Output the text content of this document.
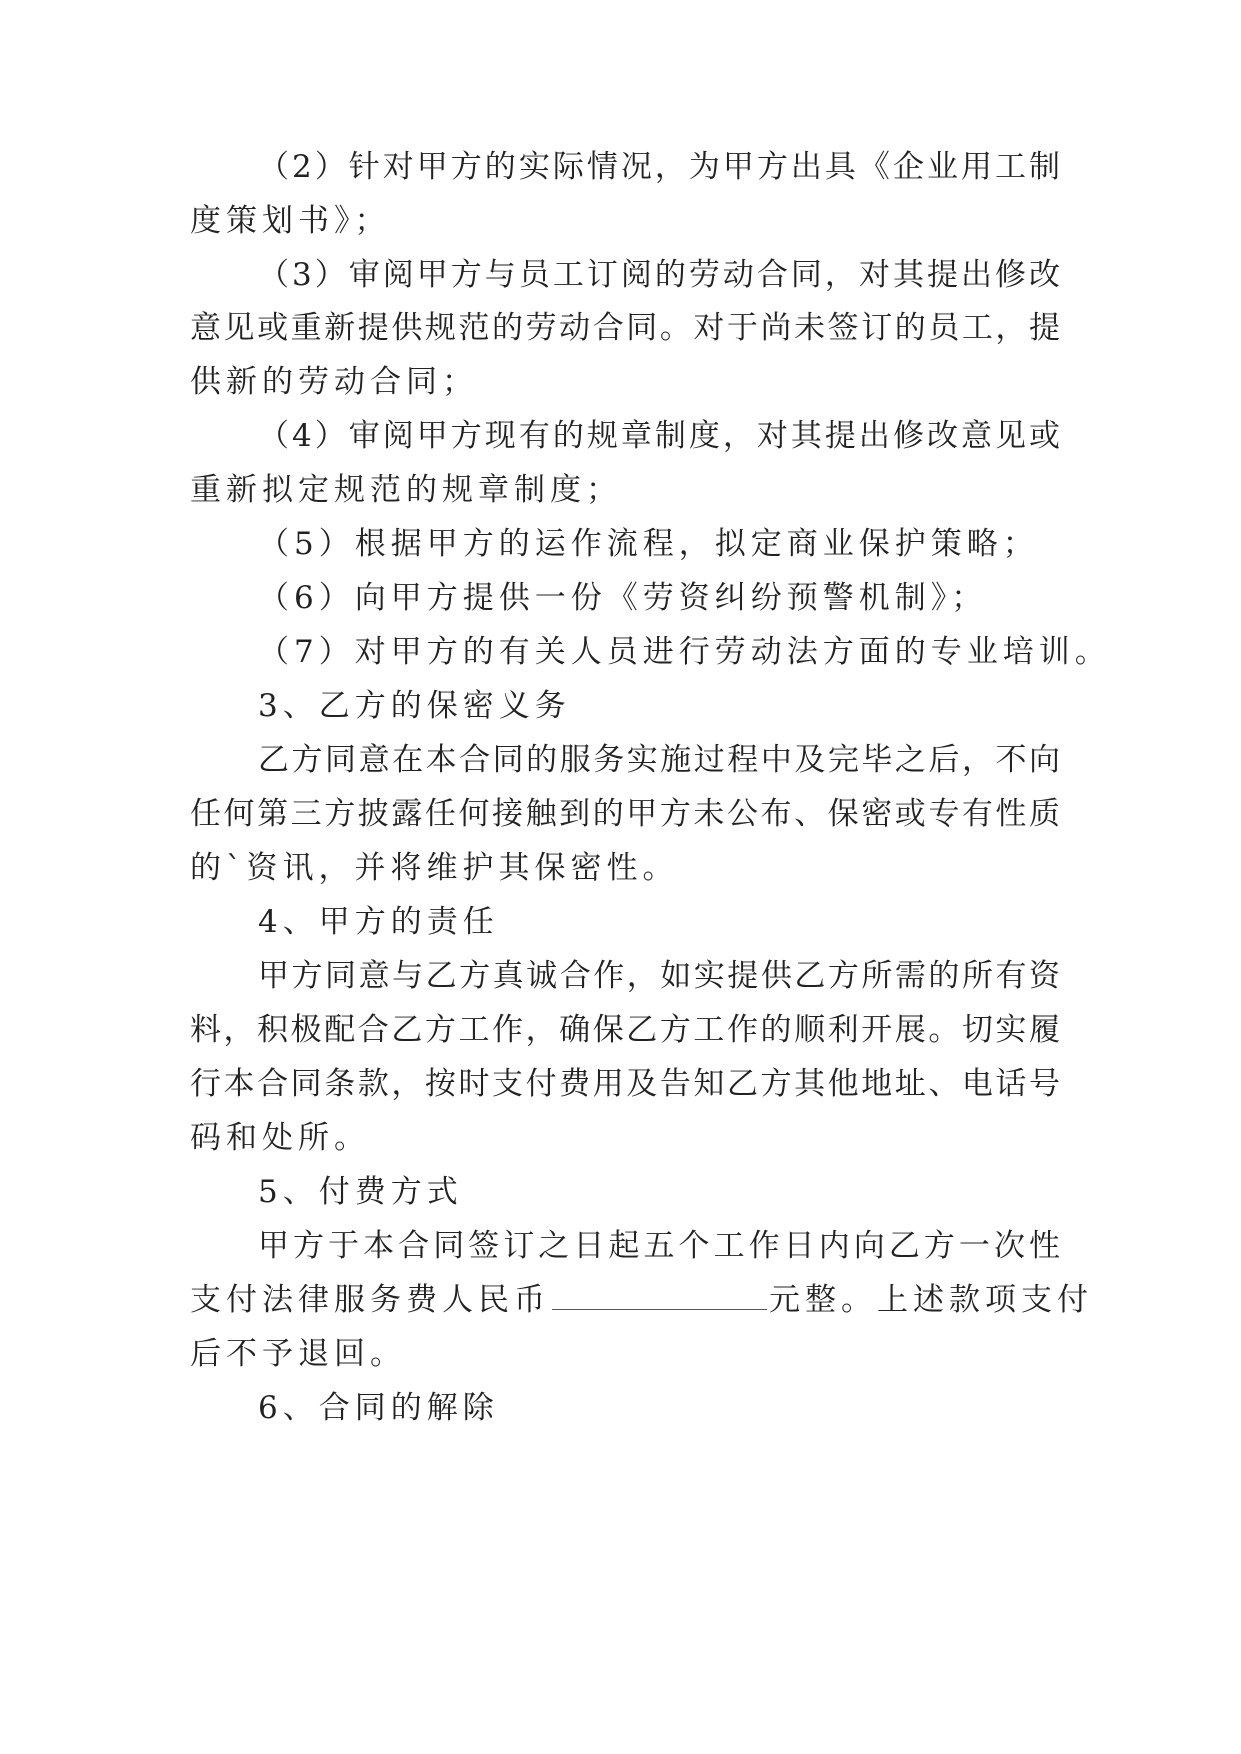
（2）针对甲方的实际情况，为甲方出具《企业用工制
度策划书》；
（3）审阅甲方与员工订阅的劳动合同，对其提出修改
意见或重新提供规范的劳动合同。对于尚未签订的员工，提
供新的劳动合同；
（4）审阅甲方现有的规章制度，对其提出修改意见或
重新拟定规范的规章制度；
（5）根据甲方的运作流程，拟定商业保护策略；
（6）向甲方提供一份《劳资纠纷预警机制》；
（7）对甲方的有关人员进行劳动法方面的专业培训。
3、乙方的保密义务
乙方同意在本合同的服务实施过程中及完毕之后，不向
任何第三方披露任何接触到的甲方未公布、保密或专有性质
的`资讯，并将维护其保密性。
4、甲方的责任
甲方同意与乙方真诚合作，如实提供乙方所需的所有资
料，积极配合乙方工作，确保乙方工作的顺利开展。切实履
行本合同条款，按时支付费用及告知乙方其他地址、电话号
码和处所。
5、付费方式
甲方于本合同签订之日起五个工作日内向乙方一次性
支付法律服务费人民币	元整。上述款项支付
后不予退回。
6、合同的解除
